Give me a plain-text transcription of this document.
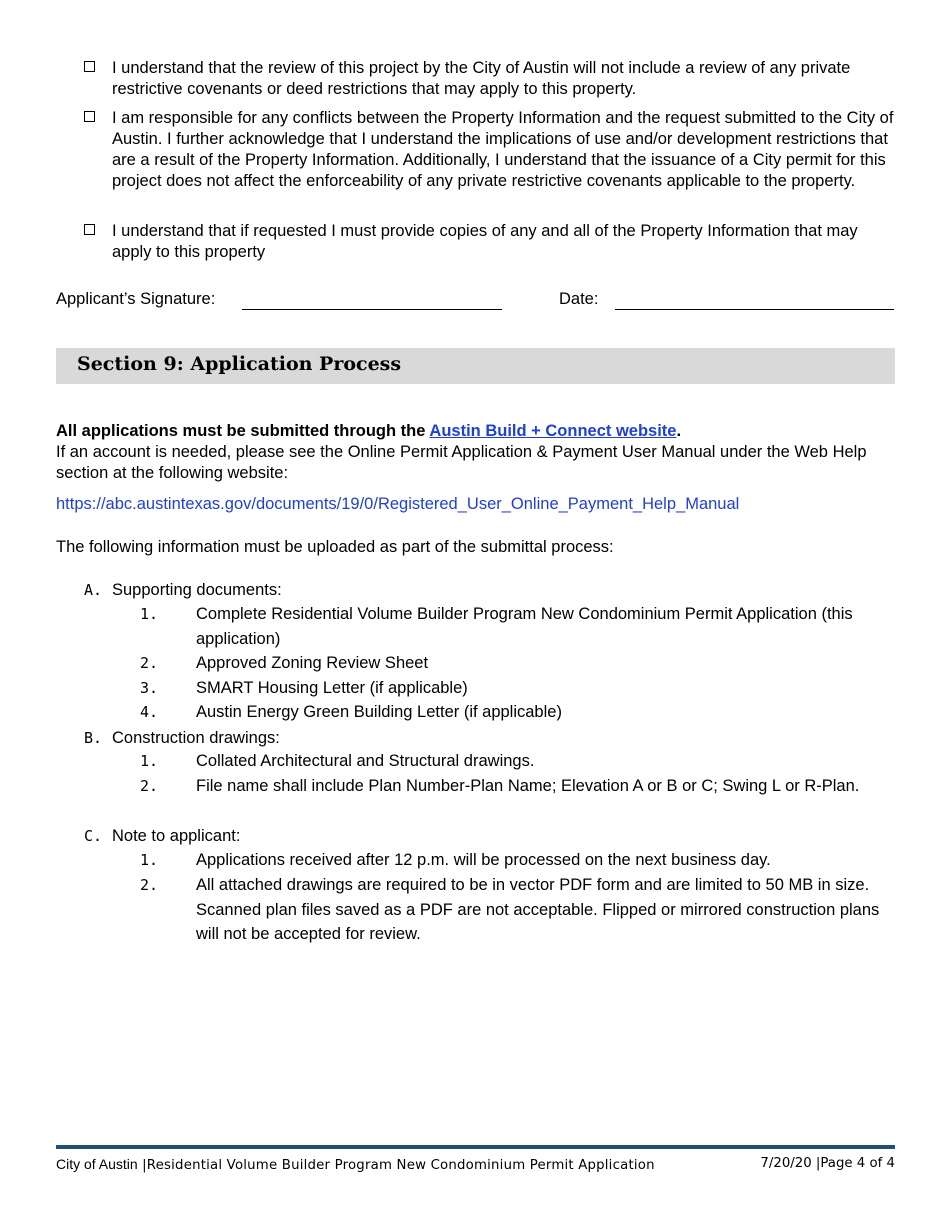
I understand that the review of this project by the City of Austin will not include a review of any private restrictive covenants or deed restrictions that may apply to this property.
I am responsible for any conflicts between the Property Information and the request submitted to the City of Austin. I further acknowledge that I understand the implications of use and/or development restrictions that are a result of the Property Information. Additionally, I understand that the issuance of a City permit for this project does not affect the enforceability of any private restrictive covenants applicable to the property.
I understand that if requested I must provide copies of any and all of the Property Information that may apply to this property
Applicant’s Signature:	Date:
Section 9: Application Process
All applications must be submitted through the Austin Build + Connect website.
If an account is needed, please see the Online Permit Application & Payment User Manual under the Web Help section at the following website:
https://abc.austintexas.gov/documents/19/0/Registered_User_Online_Payment_Help_Manual
The following information must be uploaded as part of the submittal process:
A. Supporting documents:
1. Complete Residential Volume Builder Program New Condominium Permit Application (this application)
2. Approved Zoning Review Sheet
3. SMART Housing Letter (if applicable)
4. Austin Energy Green Building Letter (if applicable)
B. Construction drawings:
1. Collated Architectural and Structural drawings.
2. File name shall include Plan Number-Plan Name; Elevation A or B or C; Swing L or R-Plan.
C. Note to applicant:
1. Applications received after 12 p.m. will be processed on the next business day.
2. All attached drawings are required to be in vector PDF form and are limited to 50 MB in size. Scanned plan files saved as a PDF are not acceptable. Flipped or mirrored construction plans will not be accepted for review.
City of Austin |Residential Volume Builder Program New Condominium Permit Application	7/20/20 |Page 4 of 4
